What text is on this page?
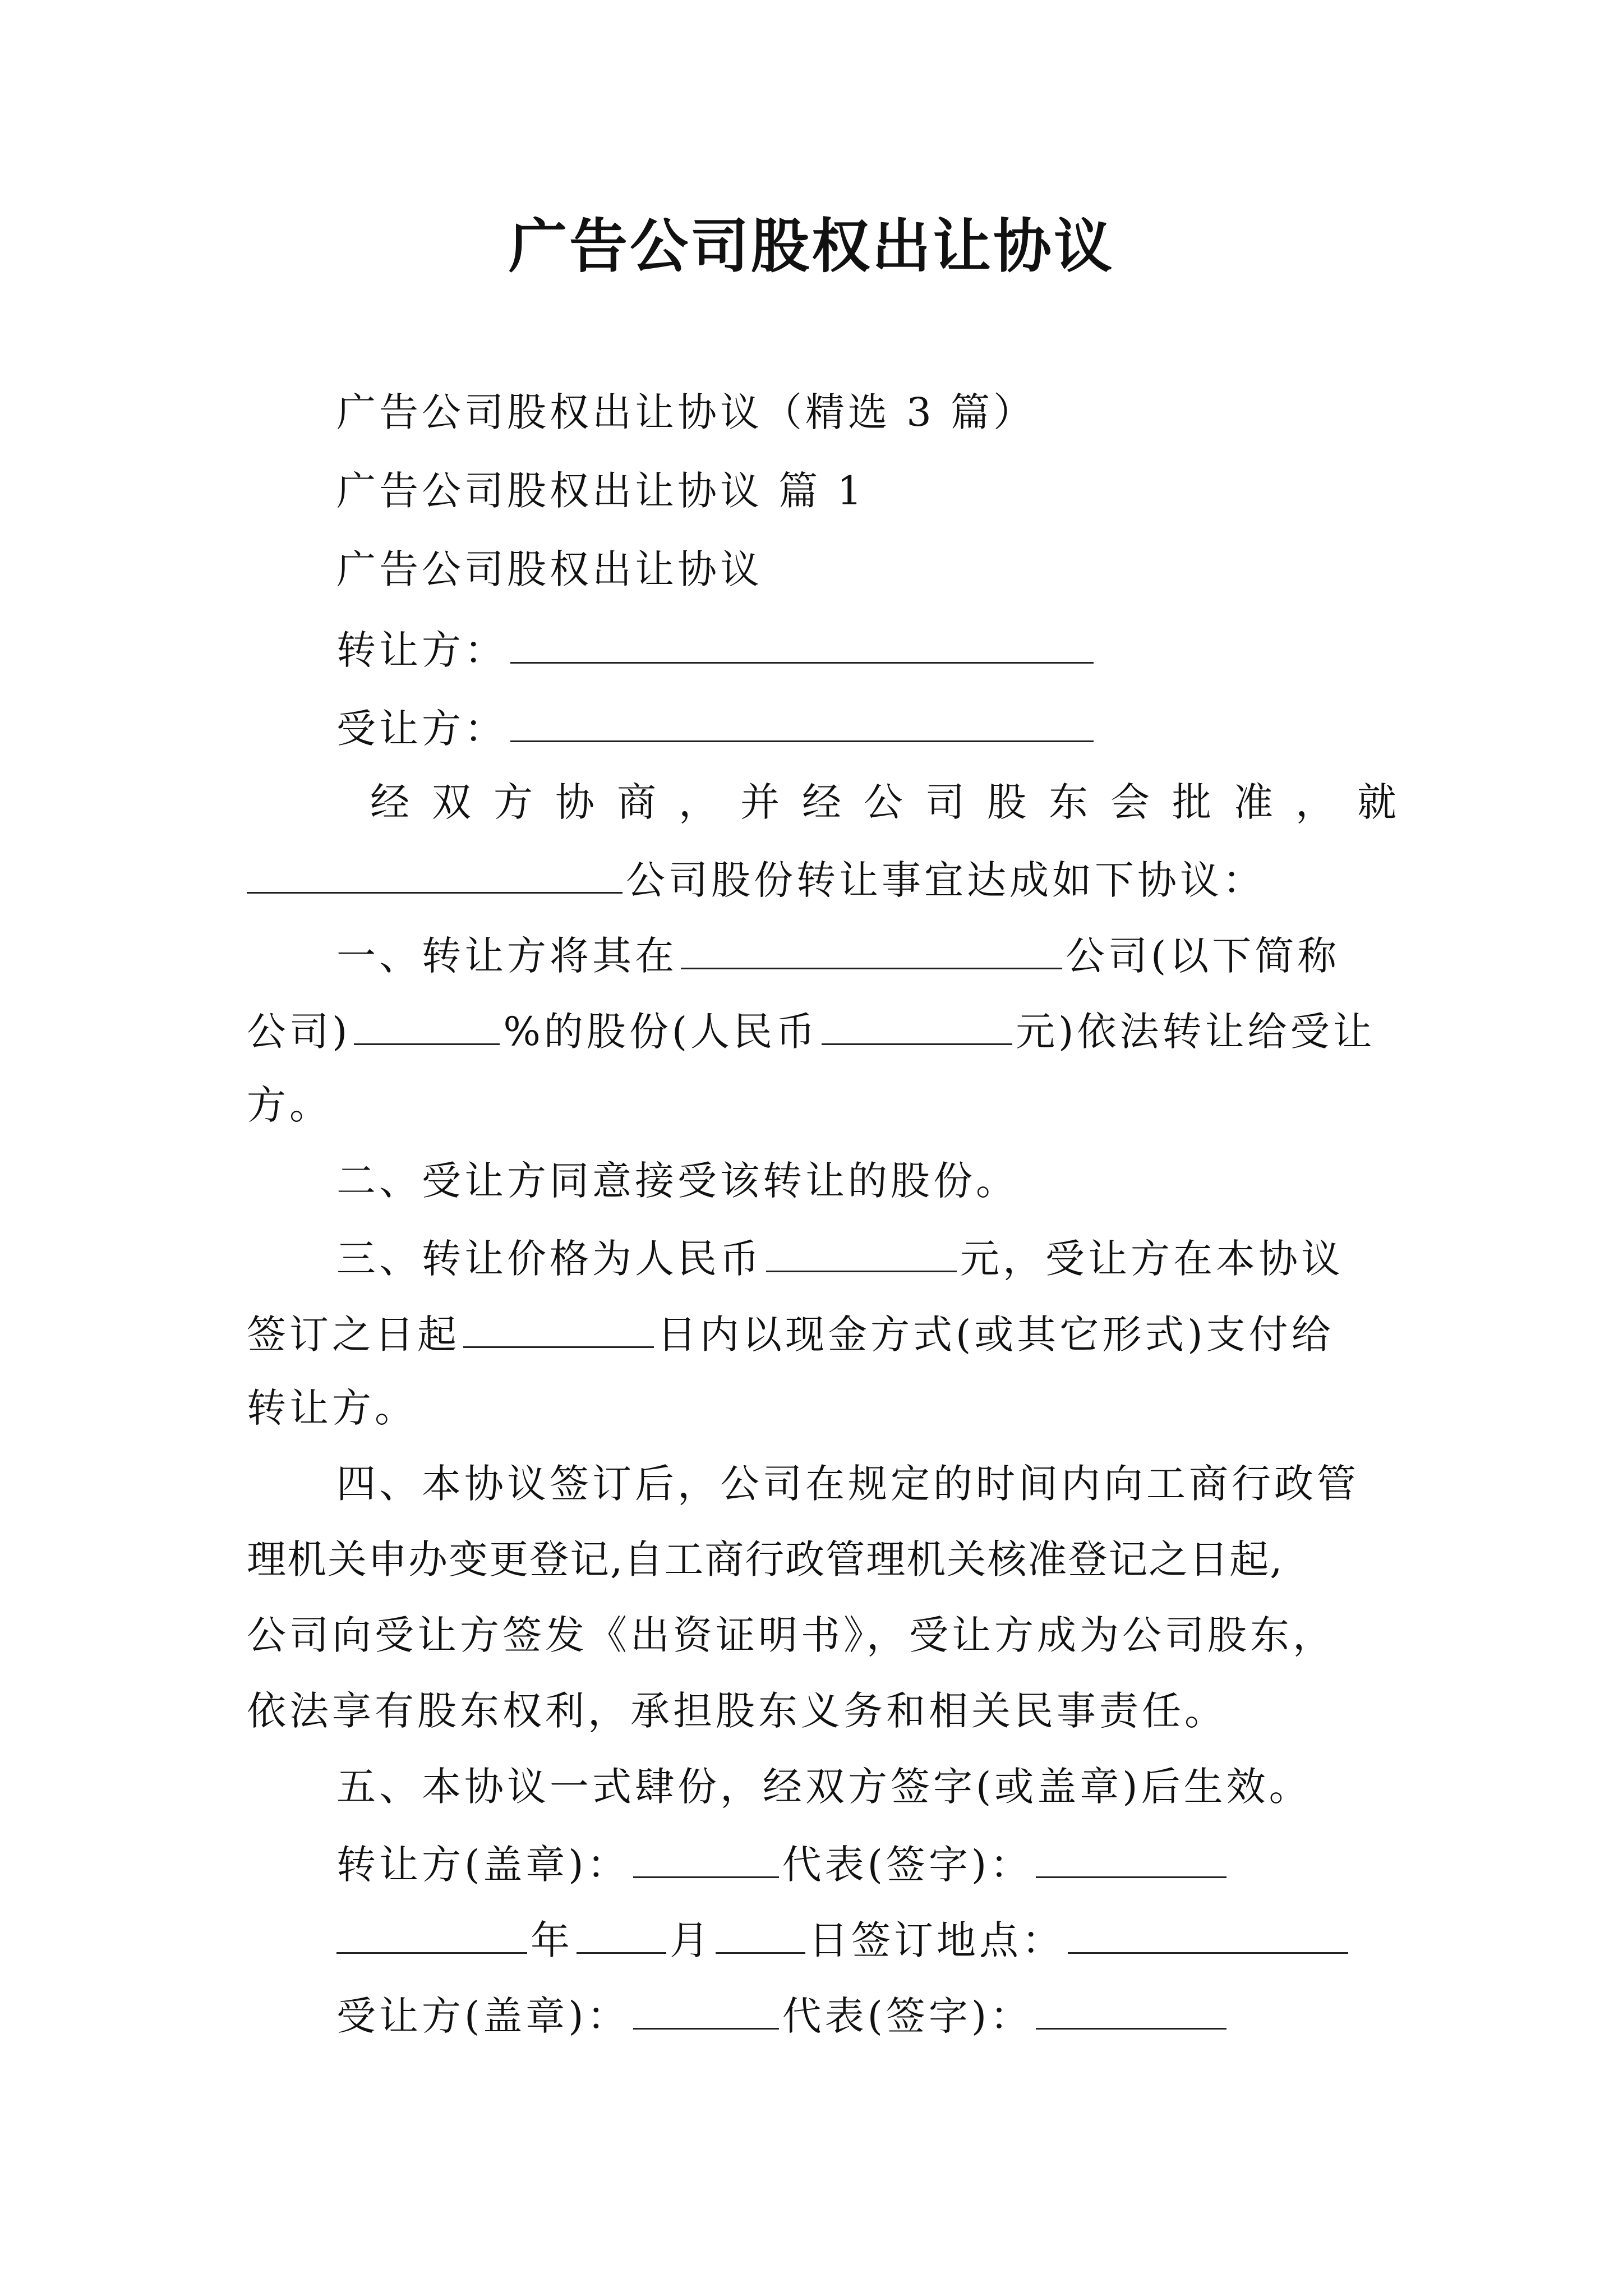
广告公司股权出让协议
广告公司股权出让协议（精选 3 篇）
广告公司股权出让协议 篇 1
广告公司股权出让协议
转让方：
受让方：
经双方协商，并经公司股东会批准，就
公司股份转让事宜达成如下协议：
一、转让方将其在	公司(以下简称
公司)	%的股份(人民币	元)依法转让给受让
方。
二、受让方同意接受该转让的股份。
三、转让价格为人民币	元，受让方在本协议
签订之日起	日内以现金方式(或其它形式)支付给
转让方。
四、本协议签订后，公司在规定的时间内向工商行政管
理机关申办变更登记,自工商行政管理机关核准登记之日起,
公司向受让方签发《出资证明书》，受让方成为公司股东，
依法享有股东权利，承担股东义务和相关民事责任。
五、本协议一式肆份，经双方签字(或盖章)后生效。
转让方(盖章)：	代表(签字)：
年 月 日签订地点：
受让方(盖章)：	代表(签字)：
